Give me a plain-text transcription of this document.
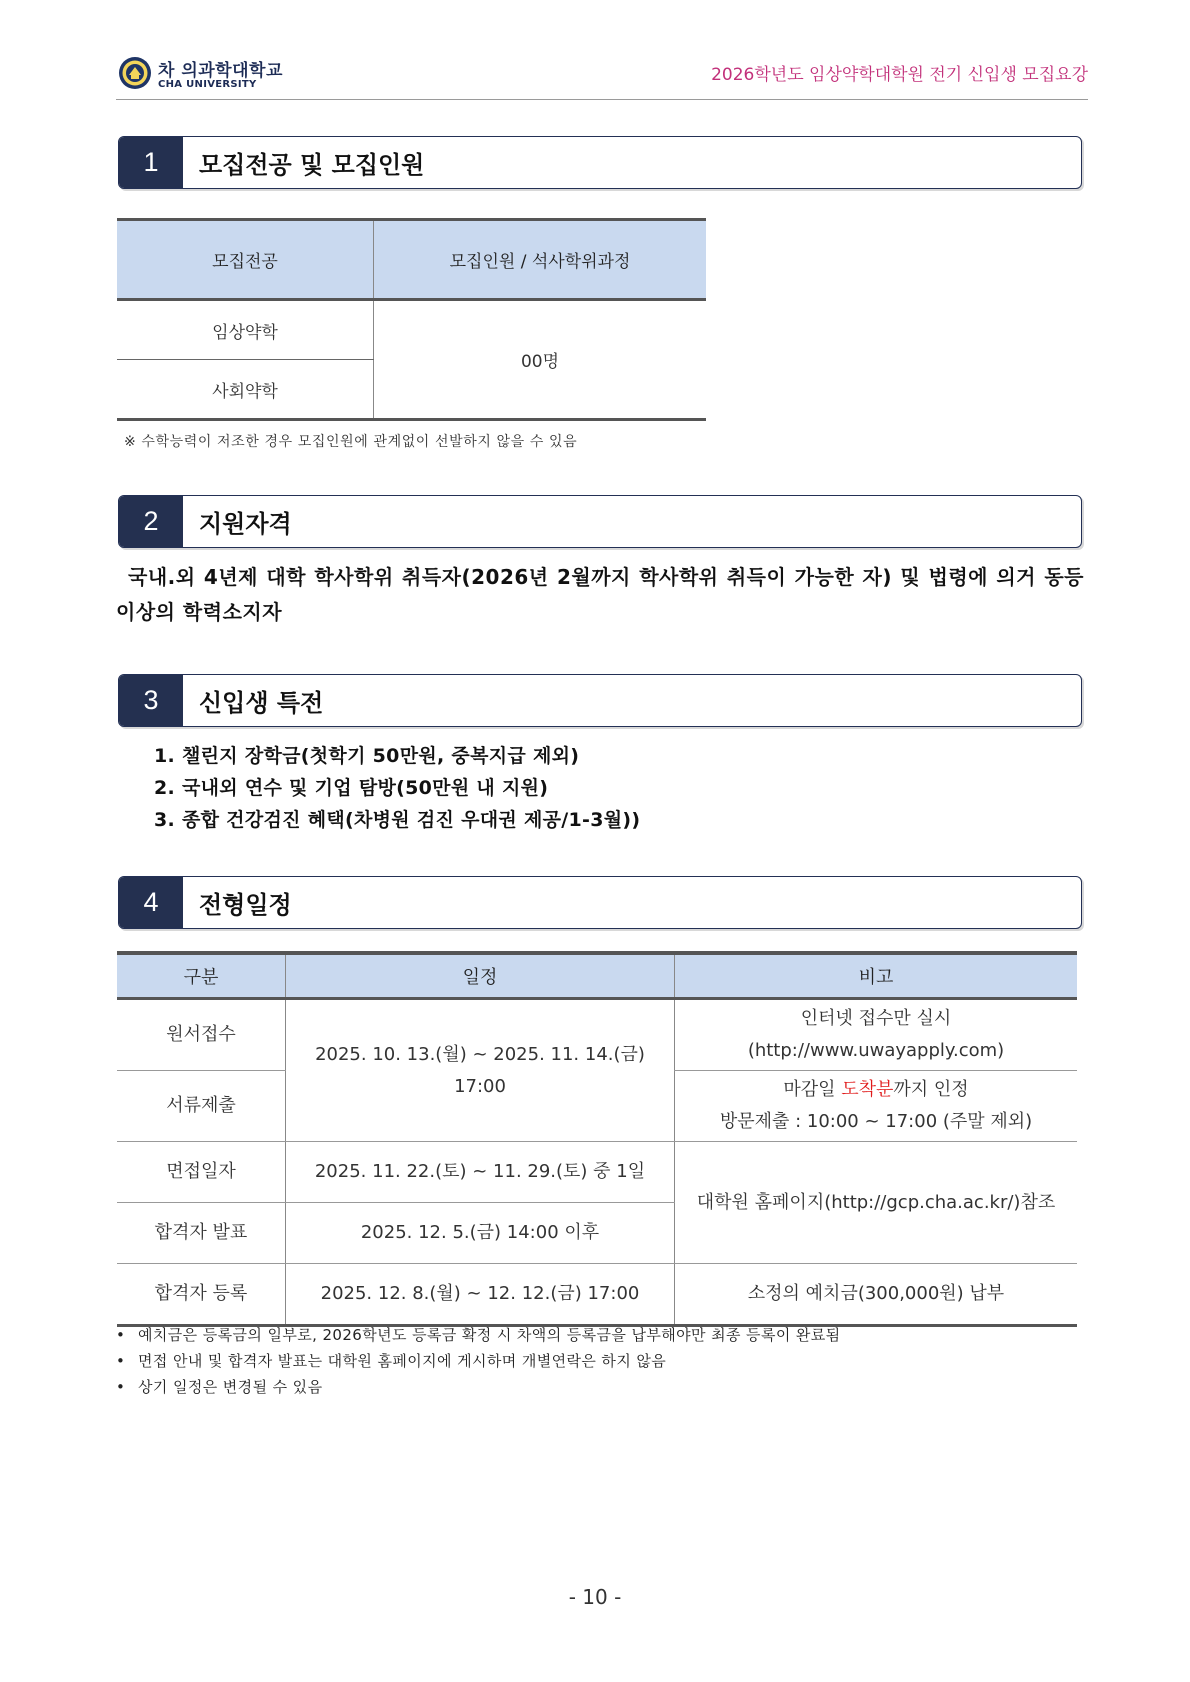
차 의과학대학교
CHA UNIVERSITY	2026학년도 임상약학대학원 전기 신입생 모집요강
1	모집전공 및 모집인원
모집전공	모집인원 / 석사학위과정
임상약학	00명
사회약학	
※ 수학능력이 저조한 경우 모집인원에 관계없이 선발하지 않을 수 있음
2	지원자격
국내.외 4년제 대학 학사학위 취득자(2026년 2월까지 학사학위 취득이 가능한 자) 및 법령에 의거 동등 이상의 학력소지자
3	신입생 특전
1. 챌린지 장학금(첫학기 50만원, 중복지급 제외)
2. 국내외 연수 및 기업 탐방(50만원 내 지원)
3. 종합 건강검진 혜택(차병원 검진 우대권 제공/1-3월))
4	전형일정
구분	일정	비고
원서접수	2025. 10. 13.(월) ~ 2025. 11. 14.(금) 17:00	인터넷 접수만 실시
(http://www.uwayapply.com)

서류제출		마감일 도착분까지 인정
방문제출 : 10:00 ~ 17:00 (주말 제외)

면접일자	2025. 11. 22.(토) ~ 11. 29.(토) 중 1일	대학원 홈페이지(http://gcp.cha.ac.kr/)참조
합격자 발표	2025. 12. 5.(금) 14:00 이후	
합격자 등록	2025. 12. 8.(월) ~ 12. 12.(금) 17:00	소정의 예치금(300,000원) 납부
• 예치금은 등록금의 일부로, 2026학년도 등록금 확정 시 차액의 등록금을 납부해야만 최종 등록이 완료됨
• 면접 안내 및 합격자 발표는 대학원 홈페이지에 게시하며 개별연락은 하지 않음
• 상기 일정은 변경될 수 있음
- 10 -
